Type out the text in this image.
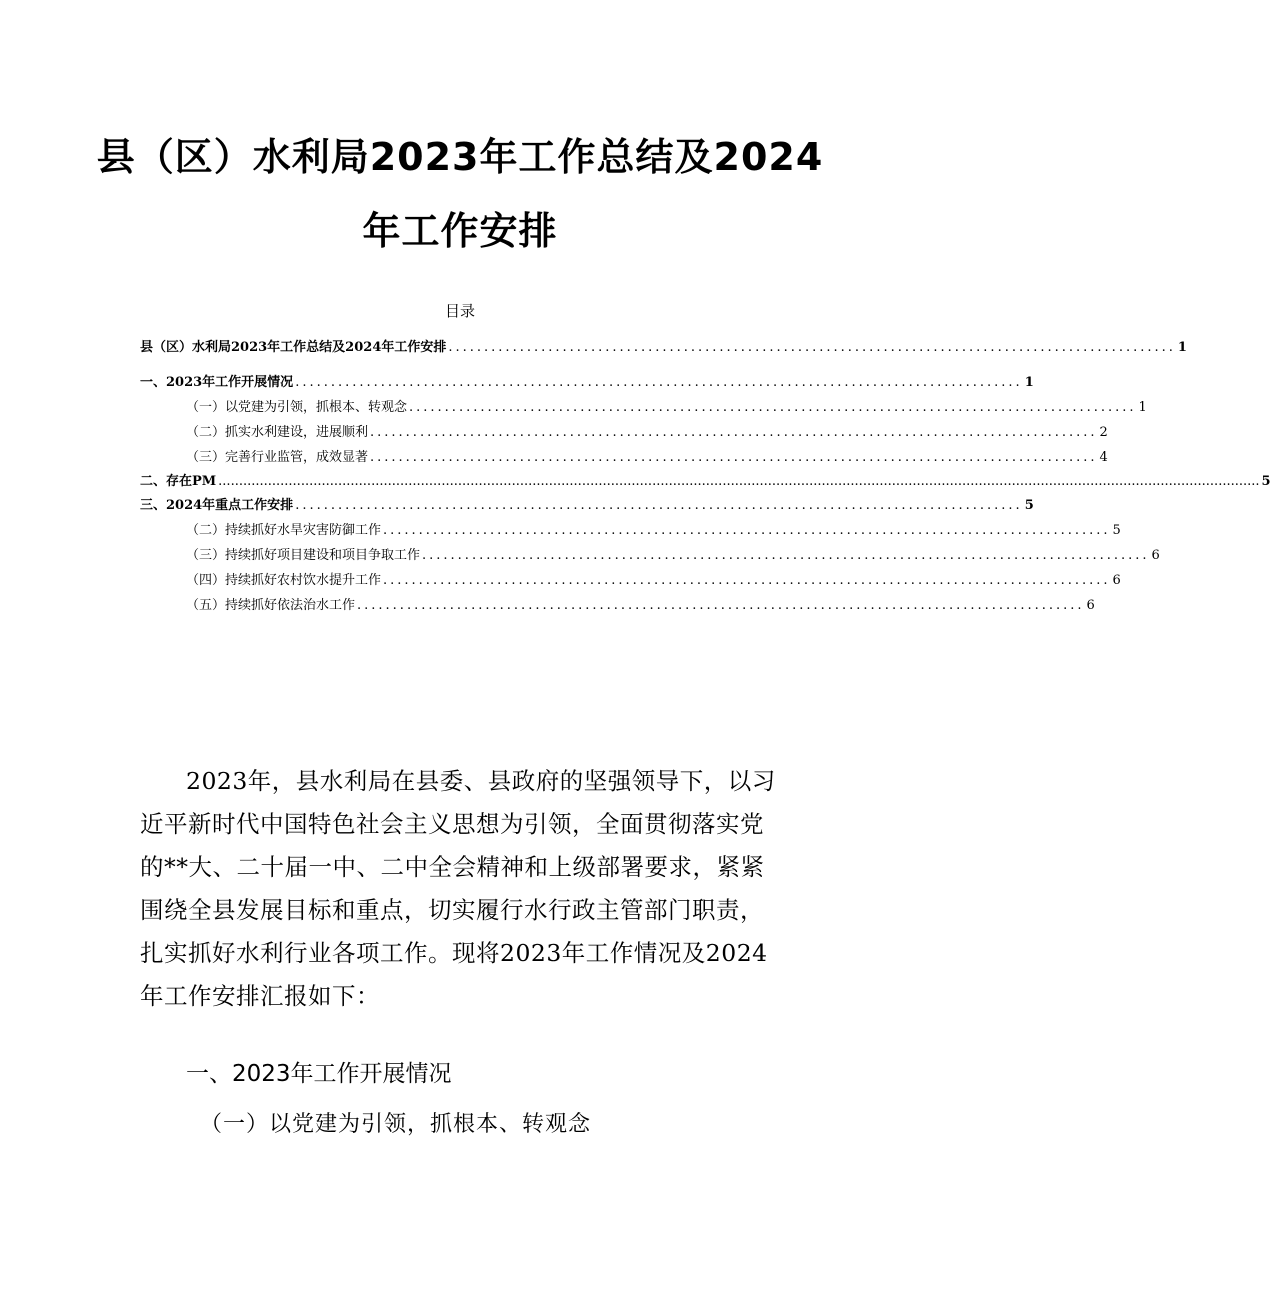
县（区）水利局2023年工作总结及2024
年工作安排
目录
县（区）水利局2023年工作总结及2024年工作安排 ...................................................................................................... 1
一、2023年工作开展情况 ...................................................................................................... 1
（一）以党建为引领，抓根本、转观念 ...................................................................................................... 1
（二）抓实水利建设，进展顺利 ...................................................................................................... 2
（三）完善行业监管，成效显著 ...................................................................................................... 4
二、存在PM ............................................................................................................................................................................................................................................................ 5
三、2024年重点工作安排 ...................................................................................................... 5
（二）持续抓好水旱灾害防御工作 ...................................................................................................... 5
（三）持续抓好项目建设和项目争取工作 ...................................................................................................... 6
（四）持续抓好农村饮水提升工作 ...................................................................................................... 6
（五）持续抓好依法治水工作 ...................................................................................................... 6
2023年，县水利局在县委、县政府的坚强领导下，以习近平新时代中国特色社会主义思想为引领，全面贯彻落实党的**大、二十届一中、二中全会精神和上级部署要求，紧紧围绕全县发展目标和重点，切实履行水行政主管部门职责，扎实抓好水利行业各项工作。现将2023年工作情况及2024年工作安排汇报如下：
一、2023年工作开展情况
（一）以党建为引领，抓根本、转观念
